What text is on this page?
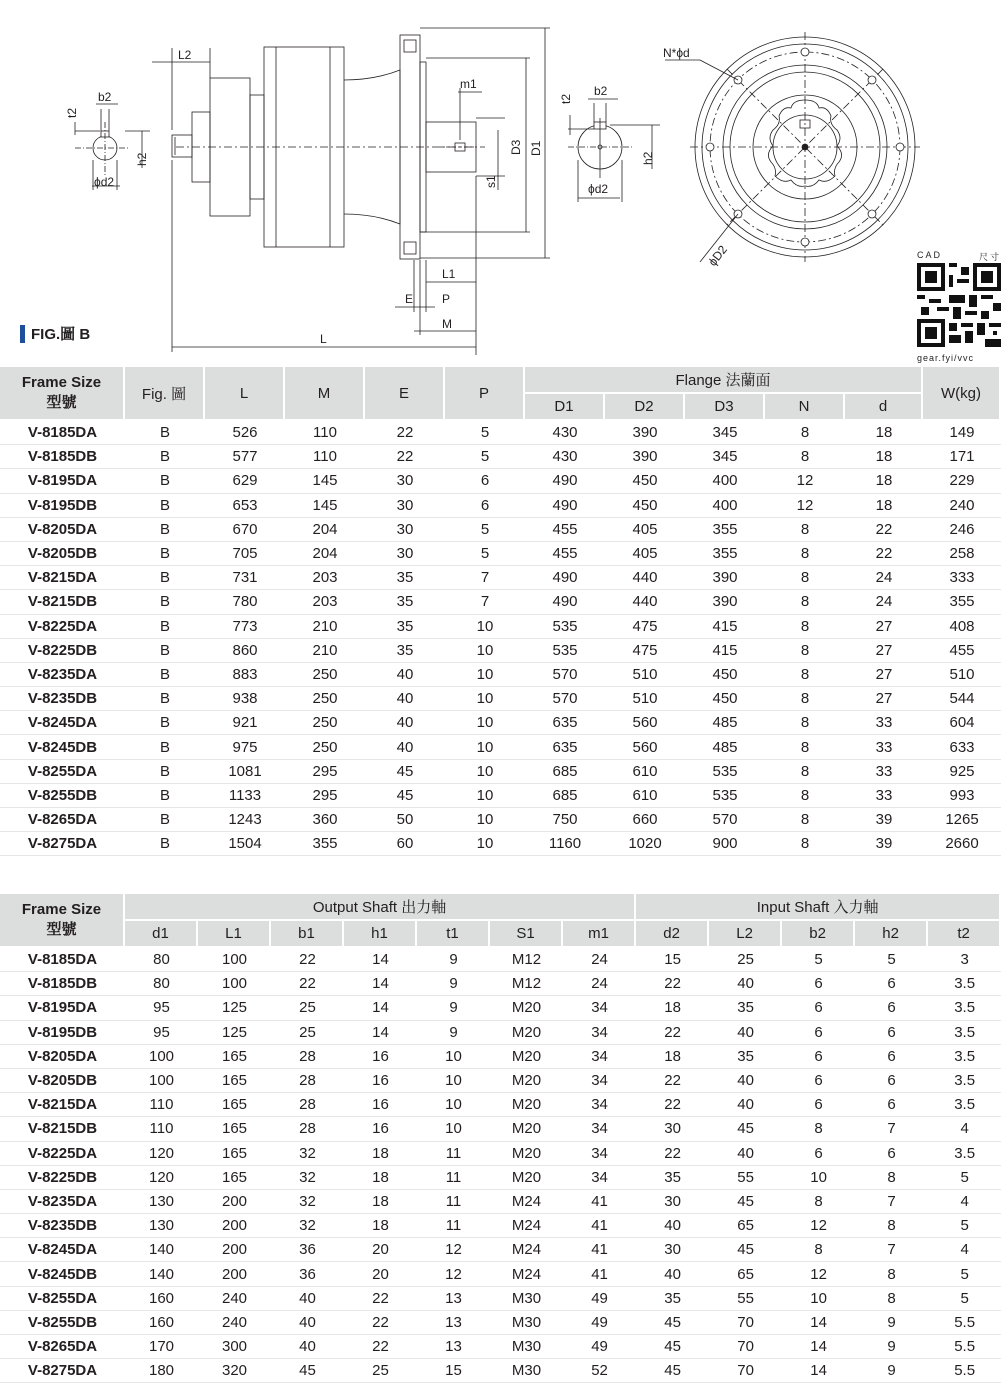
t2
b2
h2
ϕd2
L2
D3 D1
m1
s1
L1
E P
M
L
t2
b2
ϕd2
h2
N*ϕd
ϕD2
FIG.圖 B
CAD	尺寸
gear.fyi/vvc
Frame Size
型號	Fig. 圖	L	M	E	P	Flange 法蘭面					W(kg)
						D1	D2	D3	N	d	
V-8185DA	B	526	110	22	5	430	390	345	8	18	149
V-8185DB	B	577	110	22	5	430	390	345	8	18	171
V-8195DA	B	629	145	30	6	490	450	400	12	18	229
V-8195DB	B	653	145	30	6	490	450	400	12	18	240
V-8205DA	B	670	204	30	5	455	405	355	8	22	246
V-8205DB	B	705	204	30	5	455	405	355	8	22	258
V-8215DA	B	731	203	35	7	490	440	390	8	24	333
V-8215DB	B	780	203	35	7	490	440	390	8	24	355
V-8225DA	B	773	210	35	10	535	475	415	8	27	408
V-8225DB	B	860	210	35	10	535	475	415	8	27	455
V-8235DA	B	883	250	40	10	570	510	450	8	27	510
V-8235DB	B	938	250	40	10	570	510	450	8	27	544
V-8245DA	B	921	250	40	10	635	560	485	8	33	604
V-8245DB	B	975	250	40	10	635	560	485	8	33	633
V-8255DA	B	1081	295	45	10	685	610	535	8	33	925
V-8255DB	B	1133	295	45	10	685	610	535	8	33	993
V-8265DA	B	1243	360	50	10	750	660	570	8	39	1265
V-8275DA	B	1504	355	60	10	1160	1020	900	8	39	2660
Frame Size
型號	Output Shaft 出力軸							Input Shaft 入力軸				
	d1	L1	b1	h1	t1	S1	m1	d2	L2	b2	h2	t2
V-8185DA	80	100	22	14	9	M12	24	15	25	5	5	3
V-8185DB	80	100	22	14	9	M12	24	22	40	6	6	3.5
V-8195DA	95	125	25	14	9	M20	34	18	35	6	6	3.5
V-8195DB	95	125	25	14	9	M20	34	22	40	6	6	3.5
V-8205DA	100	165	28	16	10	M20	34	18	35	6	6	3.5
V-8205DB	100	165	28	16	10	M20	34	22	40	6	6	3.5
V-8215DA	110	165	28	16	10	M20	34	22	40	6	6	3.5
V-8215DB	110	165	28	16	10	M20	34	30	45	8	7	4
V-8225DA	120	165	32	18	11	M20	34	22	40	6	6	3.5
V-8225DB	120	165	32	18	11	M20	34	35	55	10	8	5
V-8235DA	130	200	32	18	11	M24	41	30	45	8	7	4
V-8235DB	130	200	32	18	11	M24	41	40	65	12	8	5
V-8245DA	140	200	36	20	12	M24	41	30	45	8	7	4
V-8245DB	140	200	36	20	12	M24	41	40	65	12	8	5
V-8255DA	160	240	40	22	13	M30	49	35	55	10	8	5
V-8255DB	160	240	40	22	13	M30	49	45	70	14	9	5.5
V-8265DA	170	300	40	22	13	M30	49	45	70	14	9	5.5
V-8275DA	180	320	45	25	15	M30	52	45	70	14	9	5.5
